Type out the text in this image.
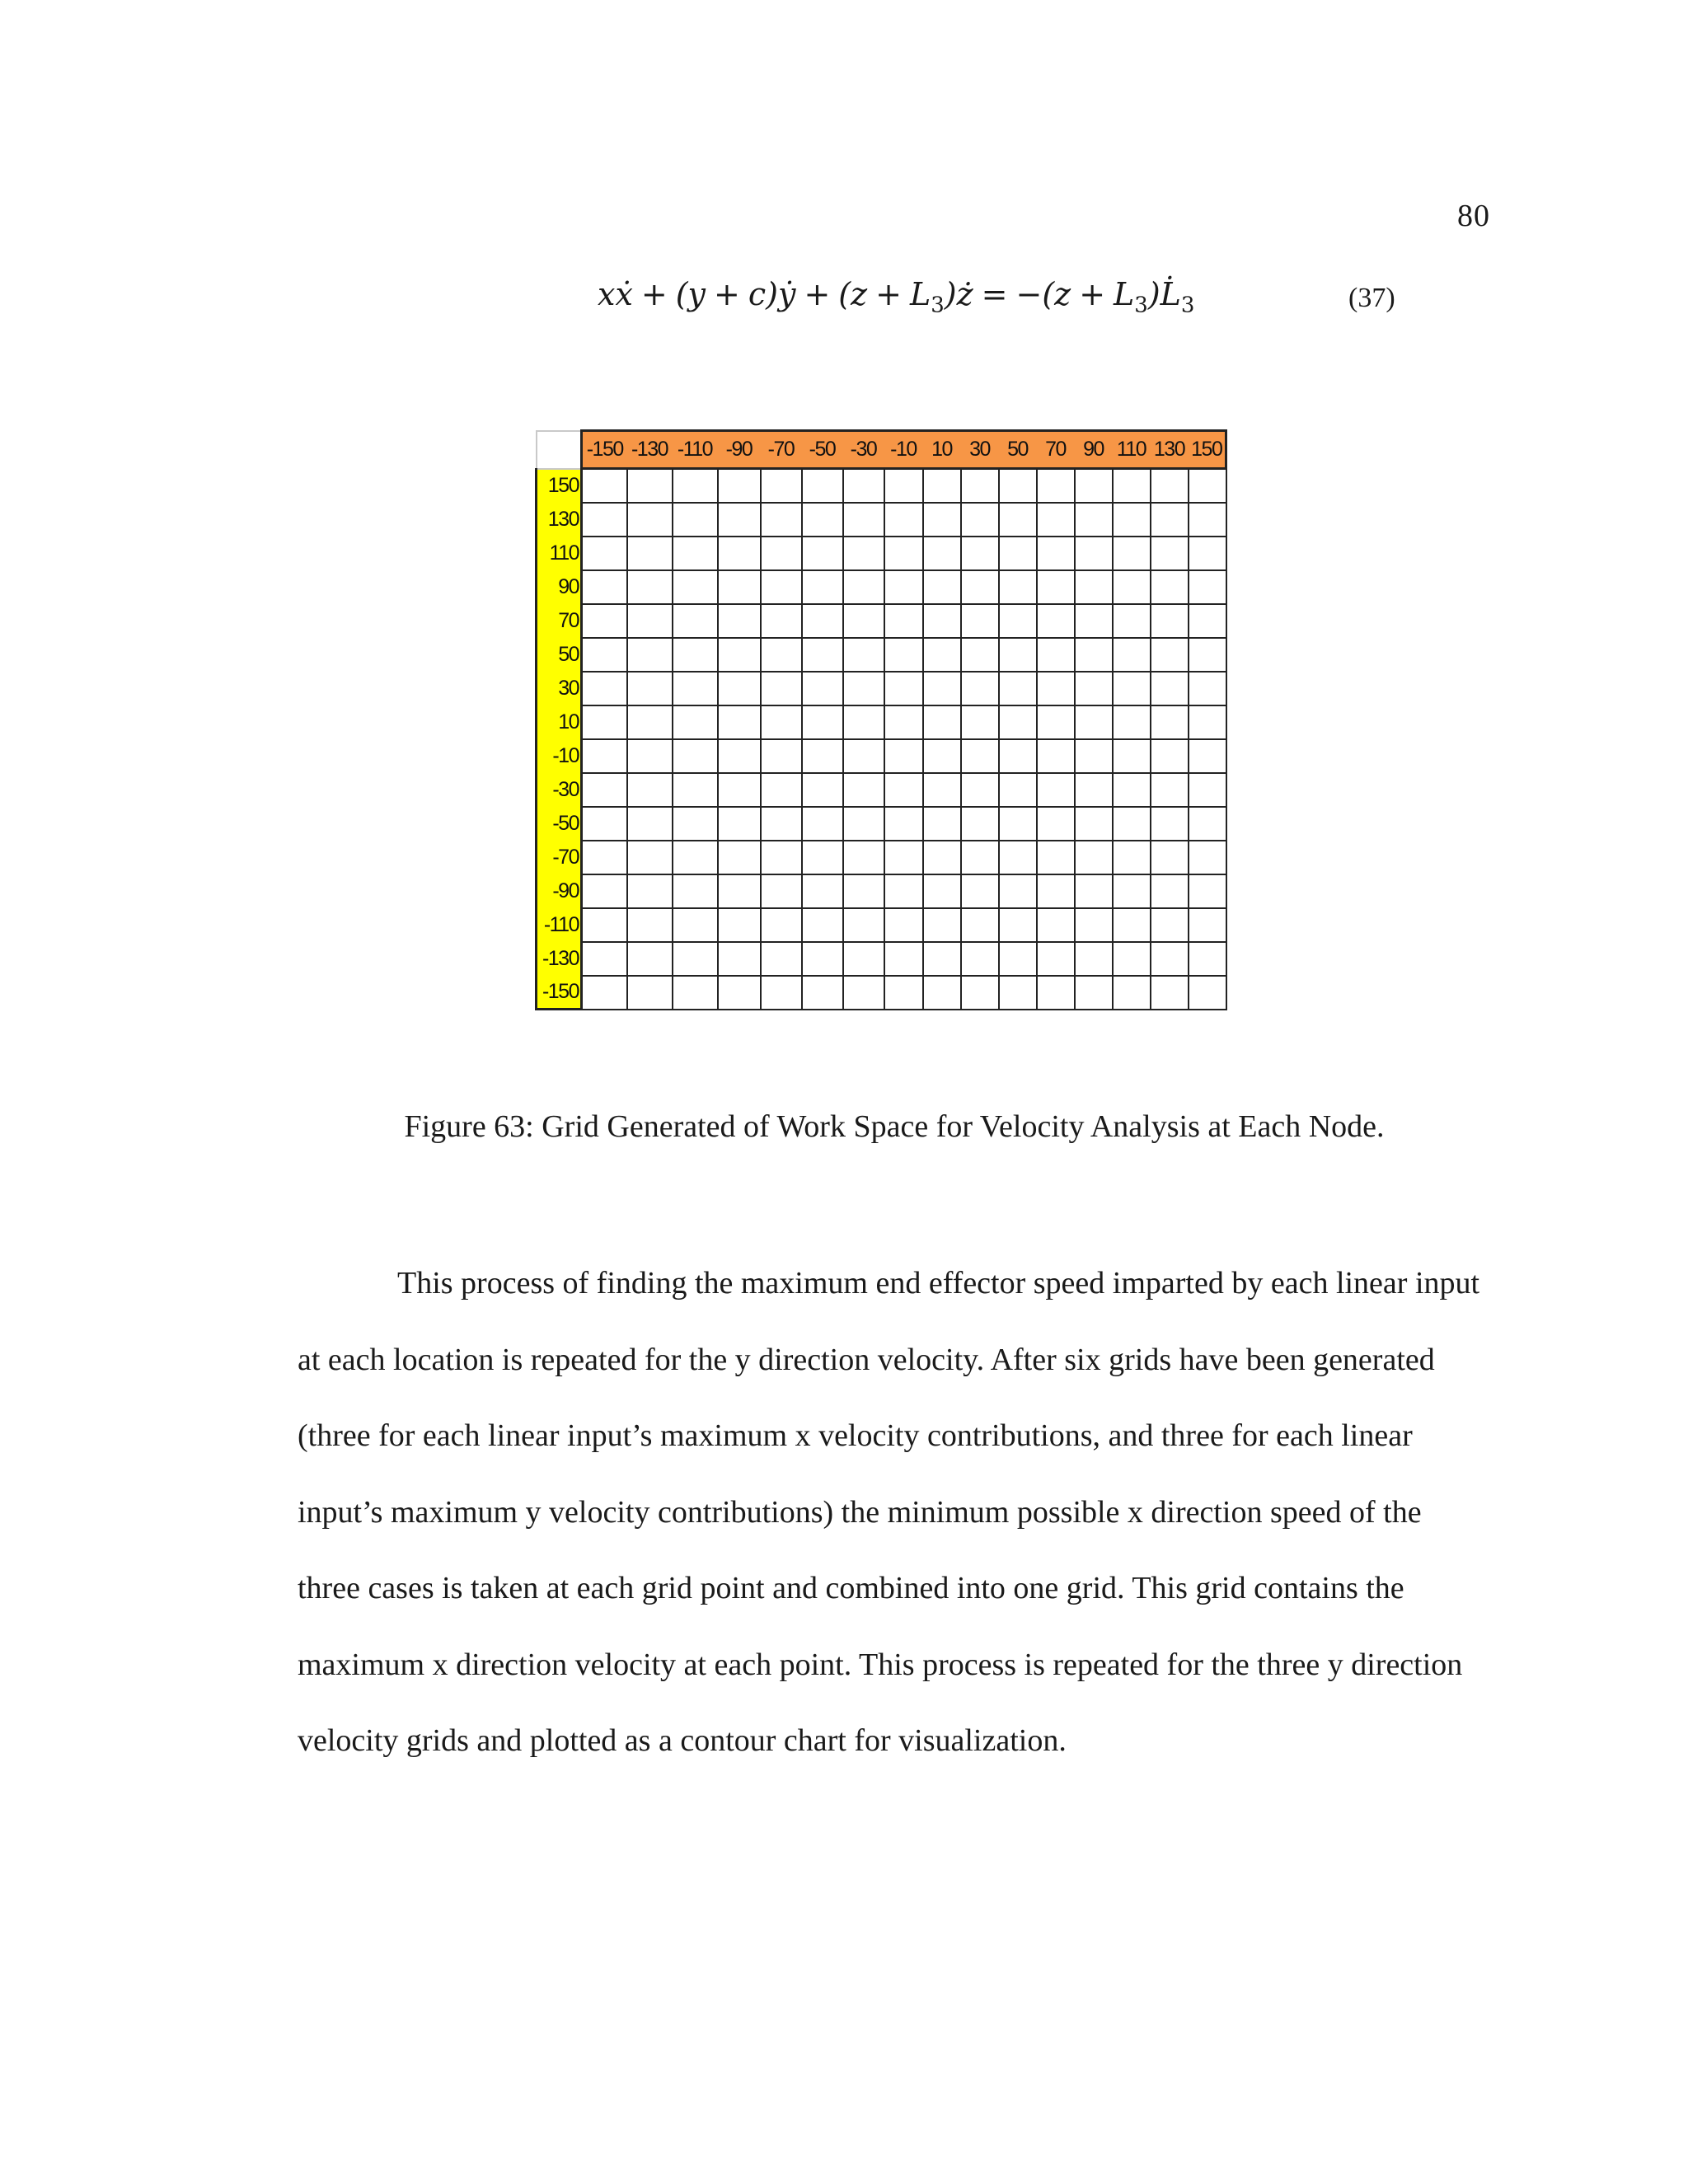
80
xẋ + (y + c)ẏ + $(z + L_3)ż = -(z$ + $L_3)L̇_3$	(37)
	-150	-130	-110	-90	-70	-50	-30	-10	10	30	50	70	90	110	130	150
150																
130																
110																
90																
70																
50																
30																
10																
-10																
-30																
-50																
-70																
-90																
-110																
-130																
-150																
Figure 63: Grid Generated of Work Space for Velocity Analysis at Each Node.

This process of finding the maximum end effector speed imparted by each linear input at each location is repeated for the y direction velocity. After six grids have been generated (three for each linear input’s maximum x velocity contributions, and three for each linear input’s maximum y velocity contributions) the minimum possible x direction speed of the three cases is taken at each grid point and combined into one grid. This grid contains the maximum x direction velocity at each point. This process is repeated for the three y direction velocity grids and plotted as a contour chart for visualization.
